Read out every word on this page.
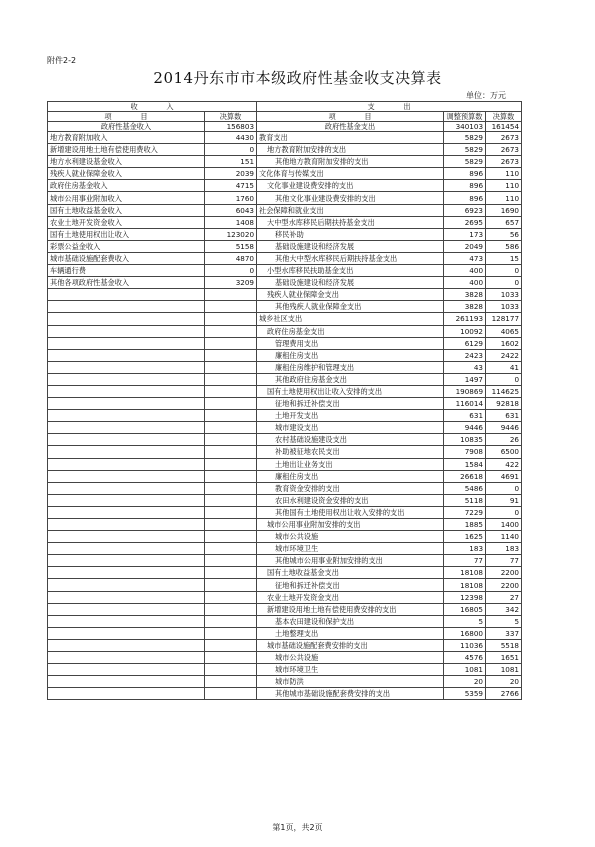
附件2-2
2014丹东市市本级政府性基金收支决算表
单位：万元
收　　　　入		支　　　　出		
项　　　　目	决算数	项　　　　目	调整预算数	决算数
政府性基金收入	156803	政府性基金支出	340103	161454
地方教育附加收入	4430	教育支出	5829	2673
新增建设用地土地有偿使用费收入	0	地方教育附加安排的支出	5829	2673
地方水利建设基金收入	151	其他地方教育附加安排的支出	5829	2673
残疾人就业保障金收入	2039	文化体育与传媒支出	896	110
政府住房基金收入	4715	文化事业建设费安排的支出	896	110
城市公用事业附加收入	1760	其他文化事业建设费安排的支出	896	110
国有土地收益基金收入	6043	社会保障和就业支出	6923	1690
农业土地开发资金收入	1408	大中型水库移民后期扶持基金支出	2695	657
国有土地使用权出让收入	123020	移民补助	173	56
彩票公益金收入	5158	基础设施建设和经济发展	2049	586
城市基础设施配套费收入	4870	其他大中型水库移民后期扶持基金支出	473	15
车辆通行费	0	小型水库移民扶助基金支出	400	0
其他各项政府性基金收入	3209	基础设施建设和经济发展	400	0
		残疾人就业保障金支出	3828	1033
		其他残疾人就业保障金支出	3828	1033
		城乡社区支出	261193	128177
		政府住房基金支出	10092	4065
		管理费用支出	6129	1602
		廉租住房支出	2423	2422
		廉租住房维护和管理支出	43	41
		其他政府住房基金支出	1497	0
		国有土地使用权出让收入安排的支出	190869	114625
		征地和拆迁补偿支出	116014	92818
		土地开发支出	631	631
		城市建设支出	9446	9446
		农村基础设施建设支出	10835	26
		补助被征地农民支出	7908	6500
		土地出让业务支出	1584	422
		廉租住房支出	26618	4691
		教育资金安排的支出	5486	0
		农田水利建设资金安排的支出	5118	91
		其他国有土地使用权出让收入安排的支出	7229	0
		城市公用事业附加安排的支出	1885	1400
		城市公共设施	1625	1140
		城市环境卫生	183	183
		其他城市公用事业附加安排的支出	77	77
		国有土地收益基金支出	18108	2200
		征地和拆迁补偿支出	18108	2200
		农业土地开发资金支出	12398	27
		新增建设用地土地有偿使用费安排的支出	16805	342
		基本农田建设和保护支出	5	5
		土地整理支出	16800	337
		城市基础设施配套费安排的支出	11036	5518
		城市公共设施	4576	1651
		城市环境卫生	1081	1081
		城市防洪	20	20
		其他城市基础设施配套费安排的支出	5359	2766
第1页，共2页
